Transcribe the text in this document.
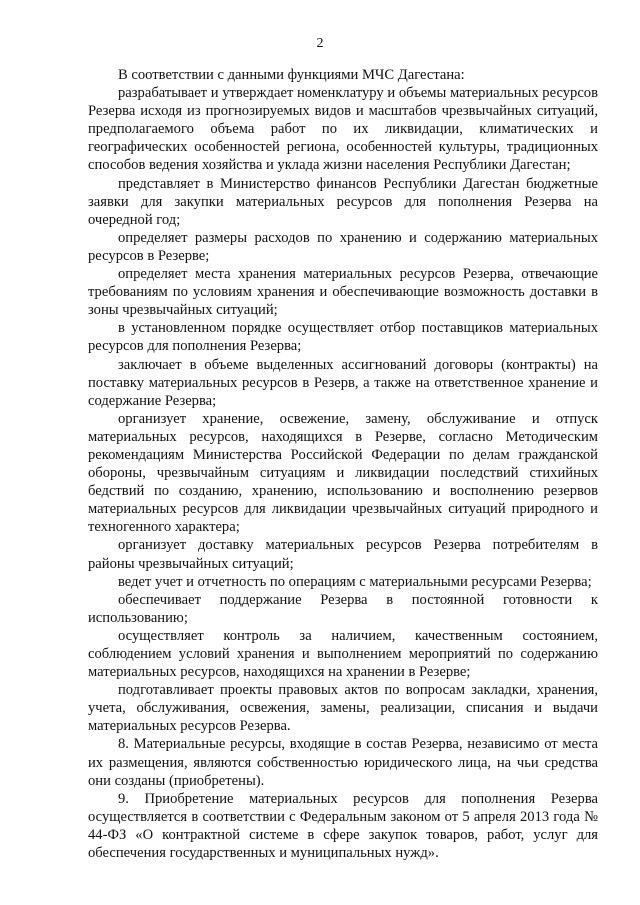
2

В соответствии с данными функциями МЧС Дагестана:

разрабатывает и утверждает номенклатуру и объемы материальных ресурсов Резерва исходя из прогнозируемых видов и масштабов чрезвычайных ситуаций, предполагаемого объема работ по их ликвидации, климатических и географических особенностей региона, особенностей культуры, традиционных способов ведения хозяйства и уклада жизни населения Республики Дагестан;

представляет в Министерство финансов Республики Дагестан бюджетные заявки для закупки материальных ресурсов для пополнения Резерва на очередной год;

определяет размеры расходов по хранению и содержанию материальных ресурсов в Резерве;

определяет места хранения материальных ресурсов Резерва, отвечающие требованиям по условиям хранения и обеспечивающие возможность доставки в зоны чрезвычайных ситуаций;

в установленном порядке осуществляет отбор поставщиков материальных ресурсов для пополнения Резерва;

заключает в объеме выделенных ассигнований договоры (контракты) на поставку материальных ресурсов в Резерв, а также на ответственное хранение и содержание Резерва;

организует хранение, освежение, замену, обслуживание и отпуск материальных ресурсов, находящихся в Резерве, согласно Методическим рекомендациям Министерства Российской Федерации по делам гражданской обороны, чрезвычайным ситуациям и ликвидации последствий стихийных бедствий по созданию, хранению, использованию и восполнению резервов материальных ресурсов для ликвидации чрезвычайных ситуаций природного и техногенного характера;

организует доставку материальных ресурсов Резерва потребителям в районы чрезвычайных ситуаций;

ведет учет и отчетность по операциям с материальными ресурсами Резерва;

обеспечивает поддержание Резерва в постоянной готовности к использованию;

осуществляет контроль за наличием, качественным состоянием, соблюдением условий хранения и выполнением мероприятий по содержанию материальных ресурсов, находящихся на хранении в Резерве;

подготавливает проекты правовых актов по вопросам закладки, хранения, учета, обслуживания, освежения, замены, реализации, списания и выдачи материальных ресурсов Резерва.

8. Материальные ресурсы, входящие в состав Резерва, независимо от места их размещения, являются собственностью юридического лица, на чьи средства они созданы (приобретены).

9. Приобретение материальных ресурсов для пополнения Резерва осуществляется в соответствии с Федеральным законом от 5 апреля 2013 года № 44-ФЗ «О контрактной системе в сфере закупок товаров, работ, услуг для обеспечения государственных и муниципальных нужд».
